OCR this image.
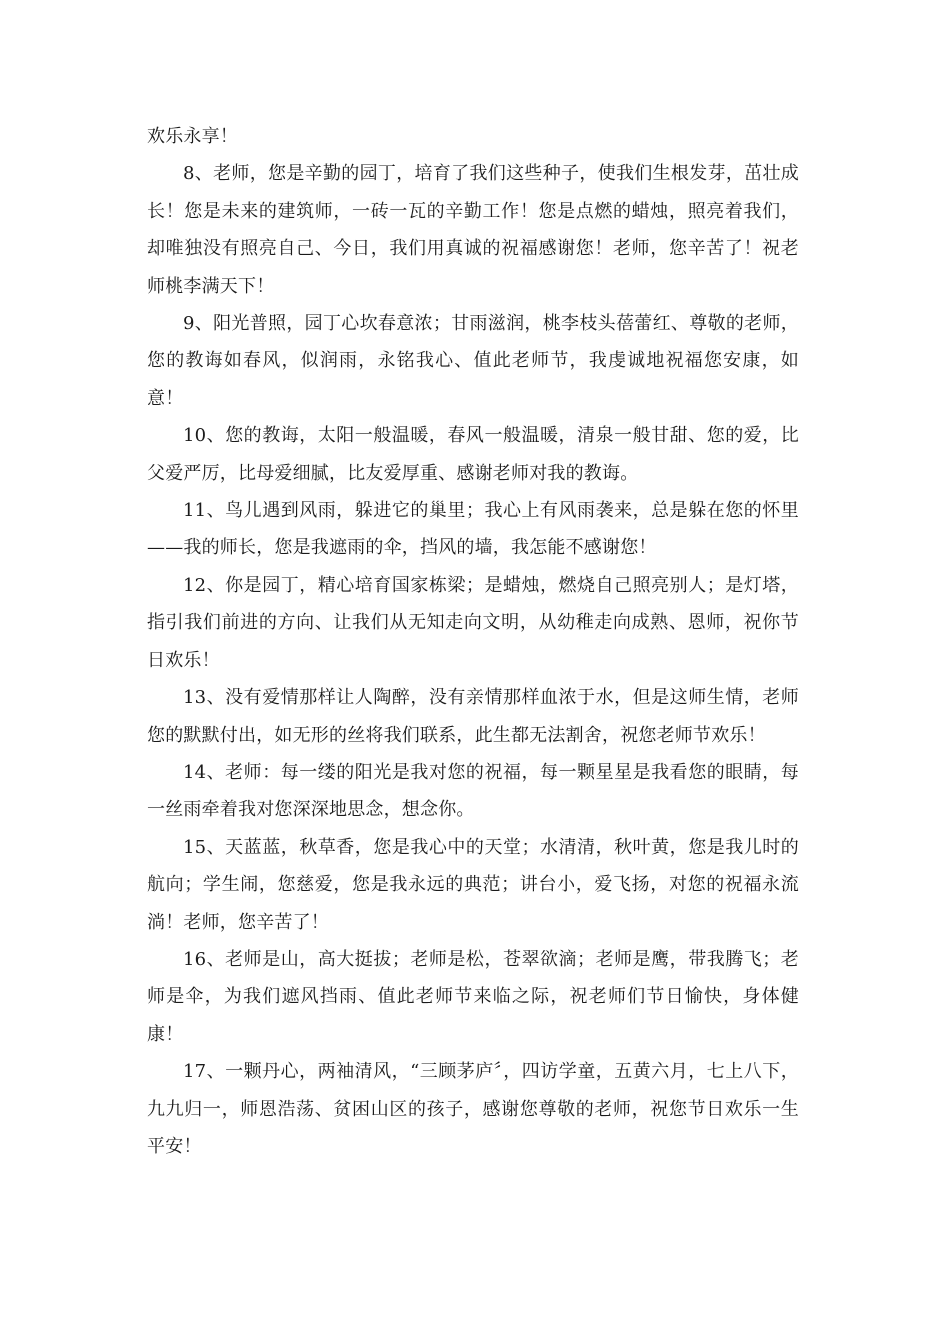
欢乐永享！

8、老师，您是辛勤的园丁，培育了我们这些种子，使我们生根发芽，茁壮成长！您是未来的建筑师，一砖一瓦的辛勤工作！您是点燃的蜡烛，照亮着我们，却唯独没有照亮自己、今日，我们用真诚的祝福感谢您！老师，您辛苦了！祝老师桃李满天下！

9、阳光普照，园丁心坎春意浓；甘雨滋润，桃李枝头蓓蕾红、尊敬的老师，您的教诲如春风，似润雨，永铭我心、值此老师节，我虔诚地祝福您安康，如意！

10、您的教诲，太阳一般温暖，春风一般温暖，清泉一般甘甜、您的爱，比父爱严厉，比母爱细腻，比友爱厚重、感谢老师对我的教诲。

11、鸟儿遇到风雨，躲进它的巢里；我心上有风雨袭来，总是躲在您的怀里——我的师长，您是我遮雨的伞，挡风的墙，我怎能不感谢您！

12、你是园丁，精心培育国家栋梁；是蜡烛，燃烧自己照亮别人；是灯塔，指引我们前进的方向、让我们从无知走向文明，从幼稚走向成熟、恩师，祝你节日欢乐！

13、没有爱情那样让人陶醉，没有亲情那样血浓于水，但是这师生情，老师您的默默付出，如无形的丝将我们联系，此生都无法割舍，祝您老师节欢乐！

14、老师：每一缕的阳光是我对您的祝福，每一颗星星是我看您的眼睛，每一丝雨牵着我对您深深地思念，想念你。

15、天蓝蓝，秋草香，您是我心中的天堂；水清清，秋叶黄，您是我儿时的航向；学生闹，您慈爱，您是我永远的典范；讲台小，爱飞扬，对您的祝福永流淌！老师，您辛苦了！

16、老师是山，高大挺拔；老师是松，苍翠欲滴；老师是鹰，带我腾飞；老师是伞，为我们遮风挡雨、值此老师节来临之际，祝老师们节日愉快，身体健康！

17、一颗丹心，两袖清风，“三顾茅庐〞，四访学童，五黄六月，七上八下，九九归一，师恩浩荡、贫困山区的孩子，感谢您尊敬的老师，祝您节日欢乐一生平安！
